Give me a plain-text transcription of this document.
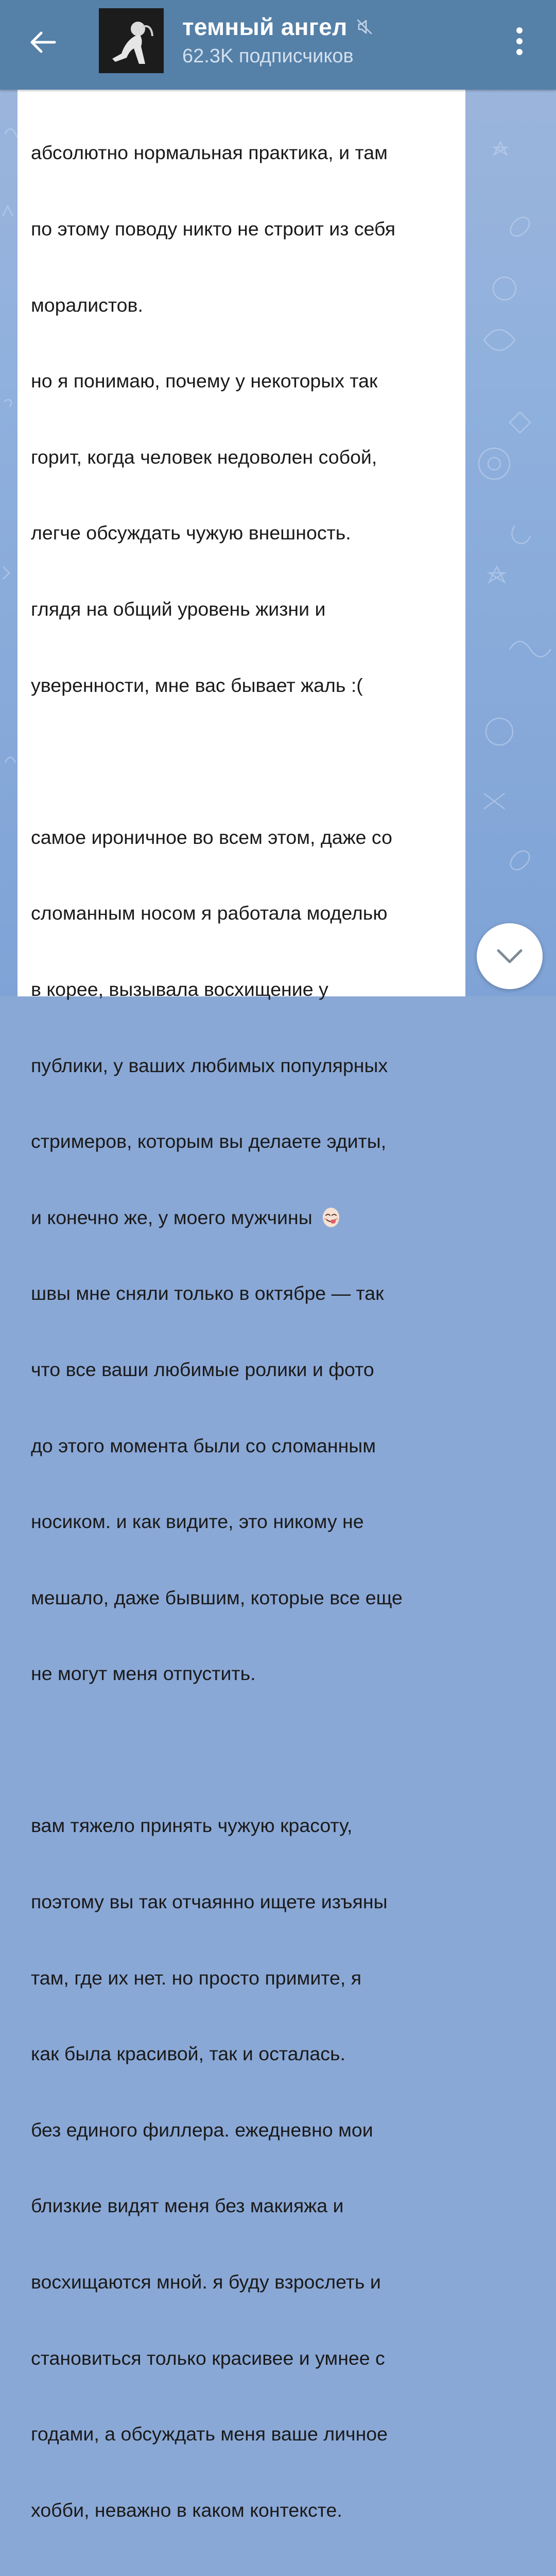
темный ангел
62.3K подписчиков

абсолютно нормальная практика, и там

по этому поводу никто не строит из себя

моралистов.

но я понимаю, почему у некоторых так

горит, когда человек недоволен собой,

легче обсуждать чужую внешность.

глядя на общий уровень жизни и

уверенности, мне вас бывает жаль :(

самое ироничное во всем этом, даже со

сломанным носом я работала моделью

в корее, вызывала восхищение у

публики, у ваших любимых популярных

стримеров, которым вы делаете эдиты,

и конечно же, у моего мужчины

швы мне сняли только в октябре — так

что все ваши любимые ролики и фото

до этого момента были со сломанным

носиком. и как видите, это никому не

мешало, даже бывшим, которые все еще

не могут меня отпустить.

вам тяжело принять чужую красоту,

поэтому вы так отчаянно ищете изъяны

там, где их нет. но просто примите, я

как была красивой, так и осталась.

без единого филлера. ежедневно мои

близкие видят меня без макияжа и

восхищаются мной. я буду взрослеть и

становиться только красивее и умнее с

годами, а обсуждать меня ваше личное

хобби, неважно в каком контексте.
